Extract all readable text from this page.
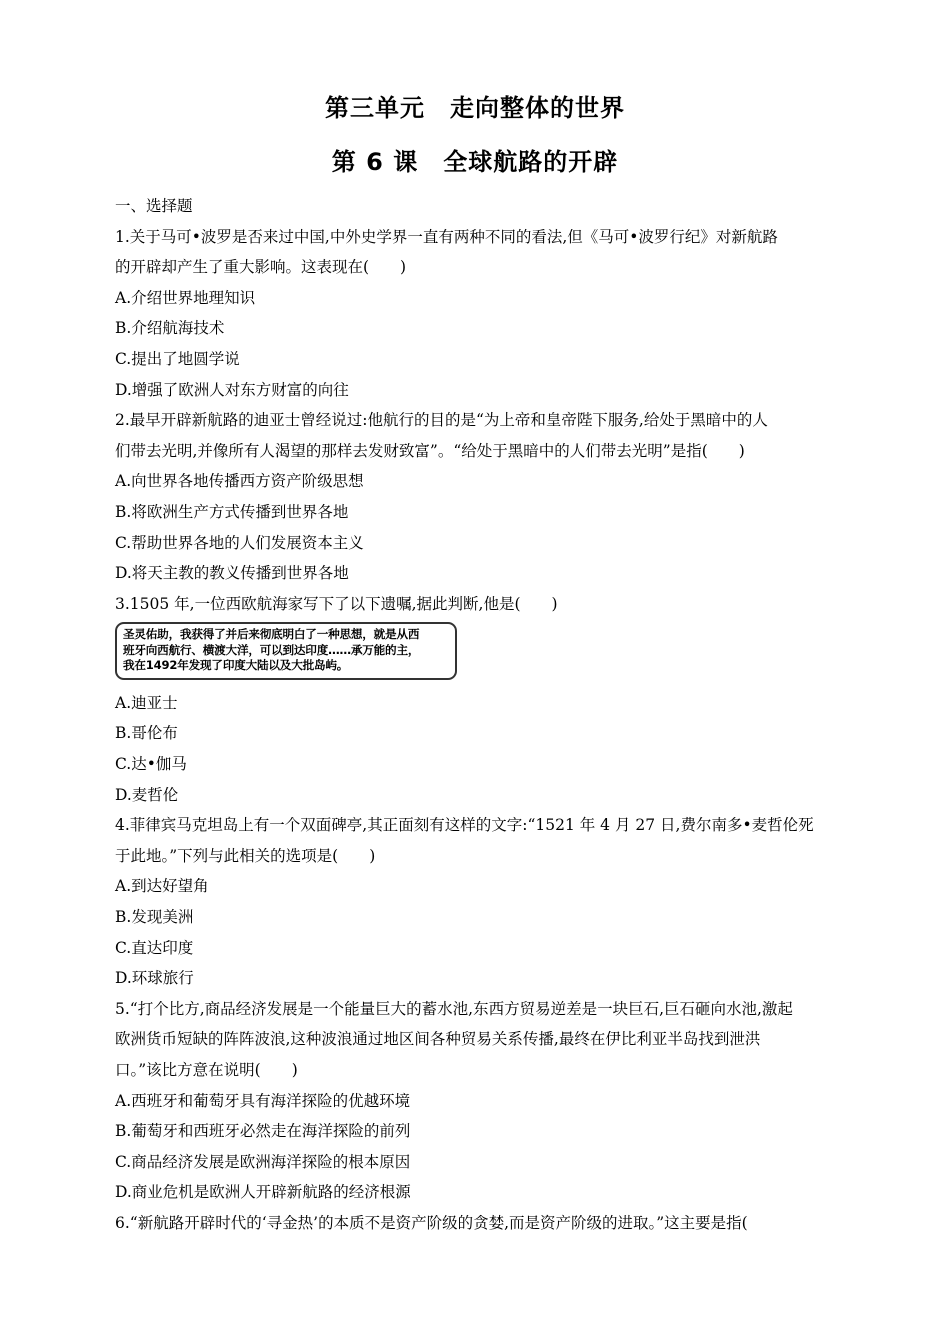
第三单元　走向整体的世界
第 6 课　全球航路的开辟
一、选择题
1.关于马可•波罗是否来过中国,中外史学界一直有两种不同的看法,但《马可•波罗行纪》对新航路
的开辟却产生了重大影响。这表现在(　　)
A.介绍世界地理知识
B.介绍航海技术
C.提出了地圆学说
D.增强了欧洲人对东方财富的向往
2.最早开辟新航路的迪亚士曾经说过:他航行的目的是“为上帝和皇帝陛下服务,给处于黑暗中的人
们带去光明,并像所有人渴望的那样去发财致富”。“给处于黑暗中的人们带去光明”是指(　　)
A.向世界各地传播西方资产阶级思想
B.将欧洲生产方式传播到世界各地
C.帮助世界各地的人们发展资本主义
D.将天主教的教义传播到世界各地
3.1505 年,一位西欧航海家写下了以下遗嘱,据此判断,他是(　　)
圣灵佑助，我获得了并后来彻底明白了一种思想，就是从西
班牙向西航行、横渡大洋，可以到达印度……承万能的主，
我在1492年发现了印度大陆以及大批岛屿。
A.迪亚士
B.哥伦布
C.达•伽马
D.麦哲伦
4.菲律宾马克坦岛上有一个双面碑亭,其正面刻有这样的文字:“1521 年 4 月 27 日,费尔南多•麦哲伦死
于此地。”下列与此相关的选项是(　　)
A.到达好望角
B.发现美洲
C.直达印度
D.环球旅行
5.“打个比方,商品经济发展是一个能量巨大的蓄水池,东西方贸易逆差是一块巨石,巨石砸向水池,激起
欧洲货币短缺的阵阵波浪,这种波浪通过地区间各种贸易关系传播,最终在伊比利亚半岛找到泄洪
口。”该比方意在说明(　　)
A.西班牙和葡萄牙具有海洋探险的优越环境
B.葡萄牙和西班牙必然走在海洋探险的前列
C.商品经济发展是欧洲海洋探险的根本原因
D.商业危机是欧洲人开辟新航路的经济根源
6.“新航路开辟时代的‘寻金热’的本质不是资产阶级的贪婪,而是资产阶级的进取。”这主要是指(
